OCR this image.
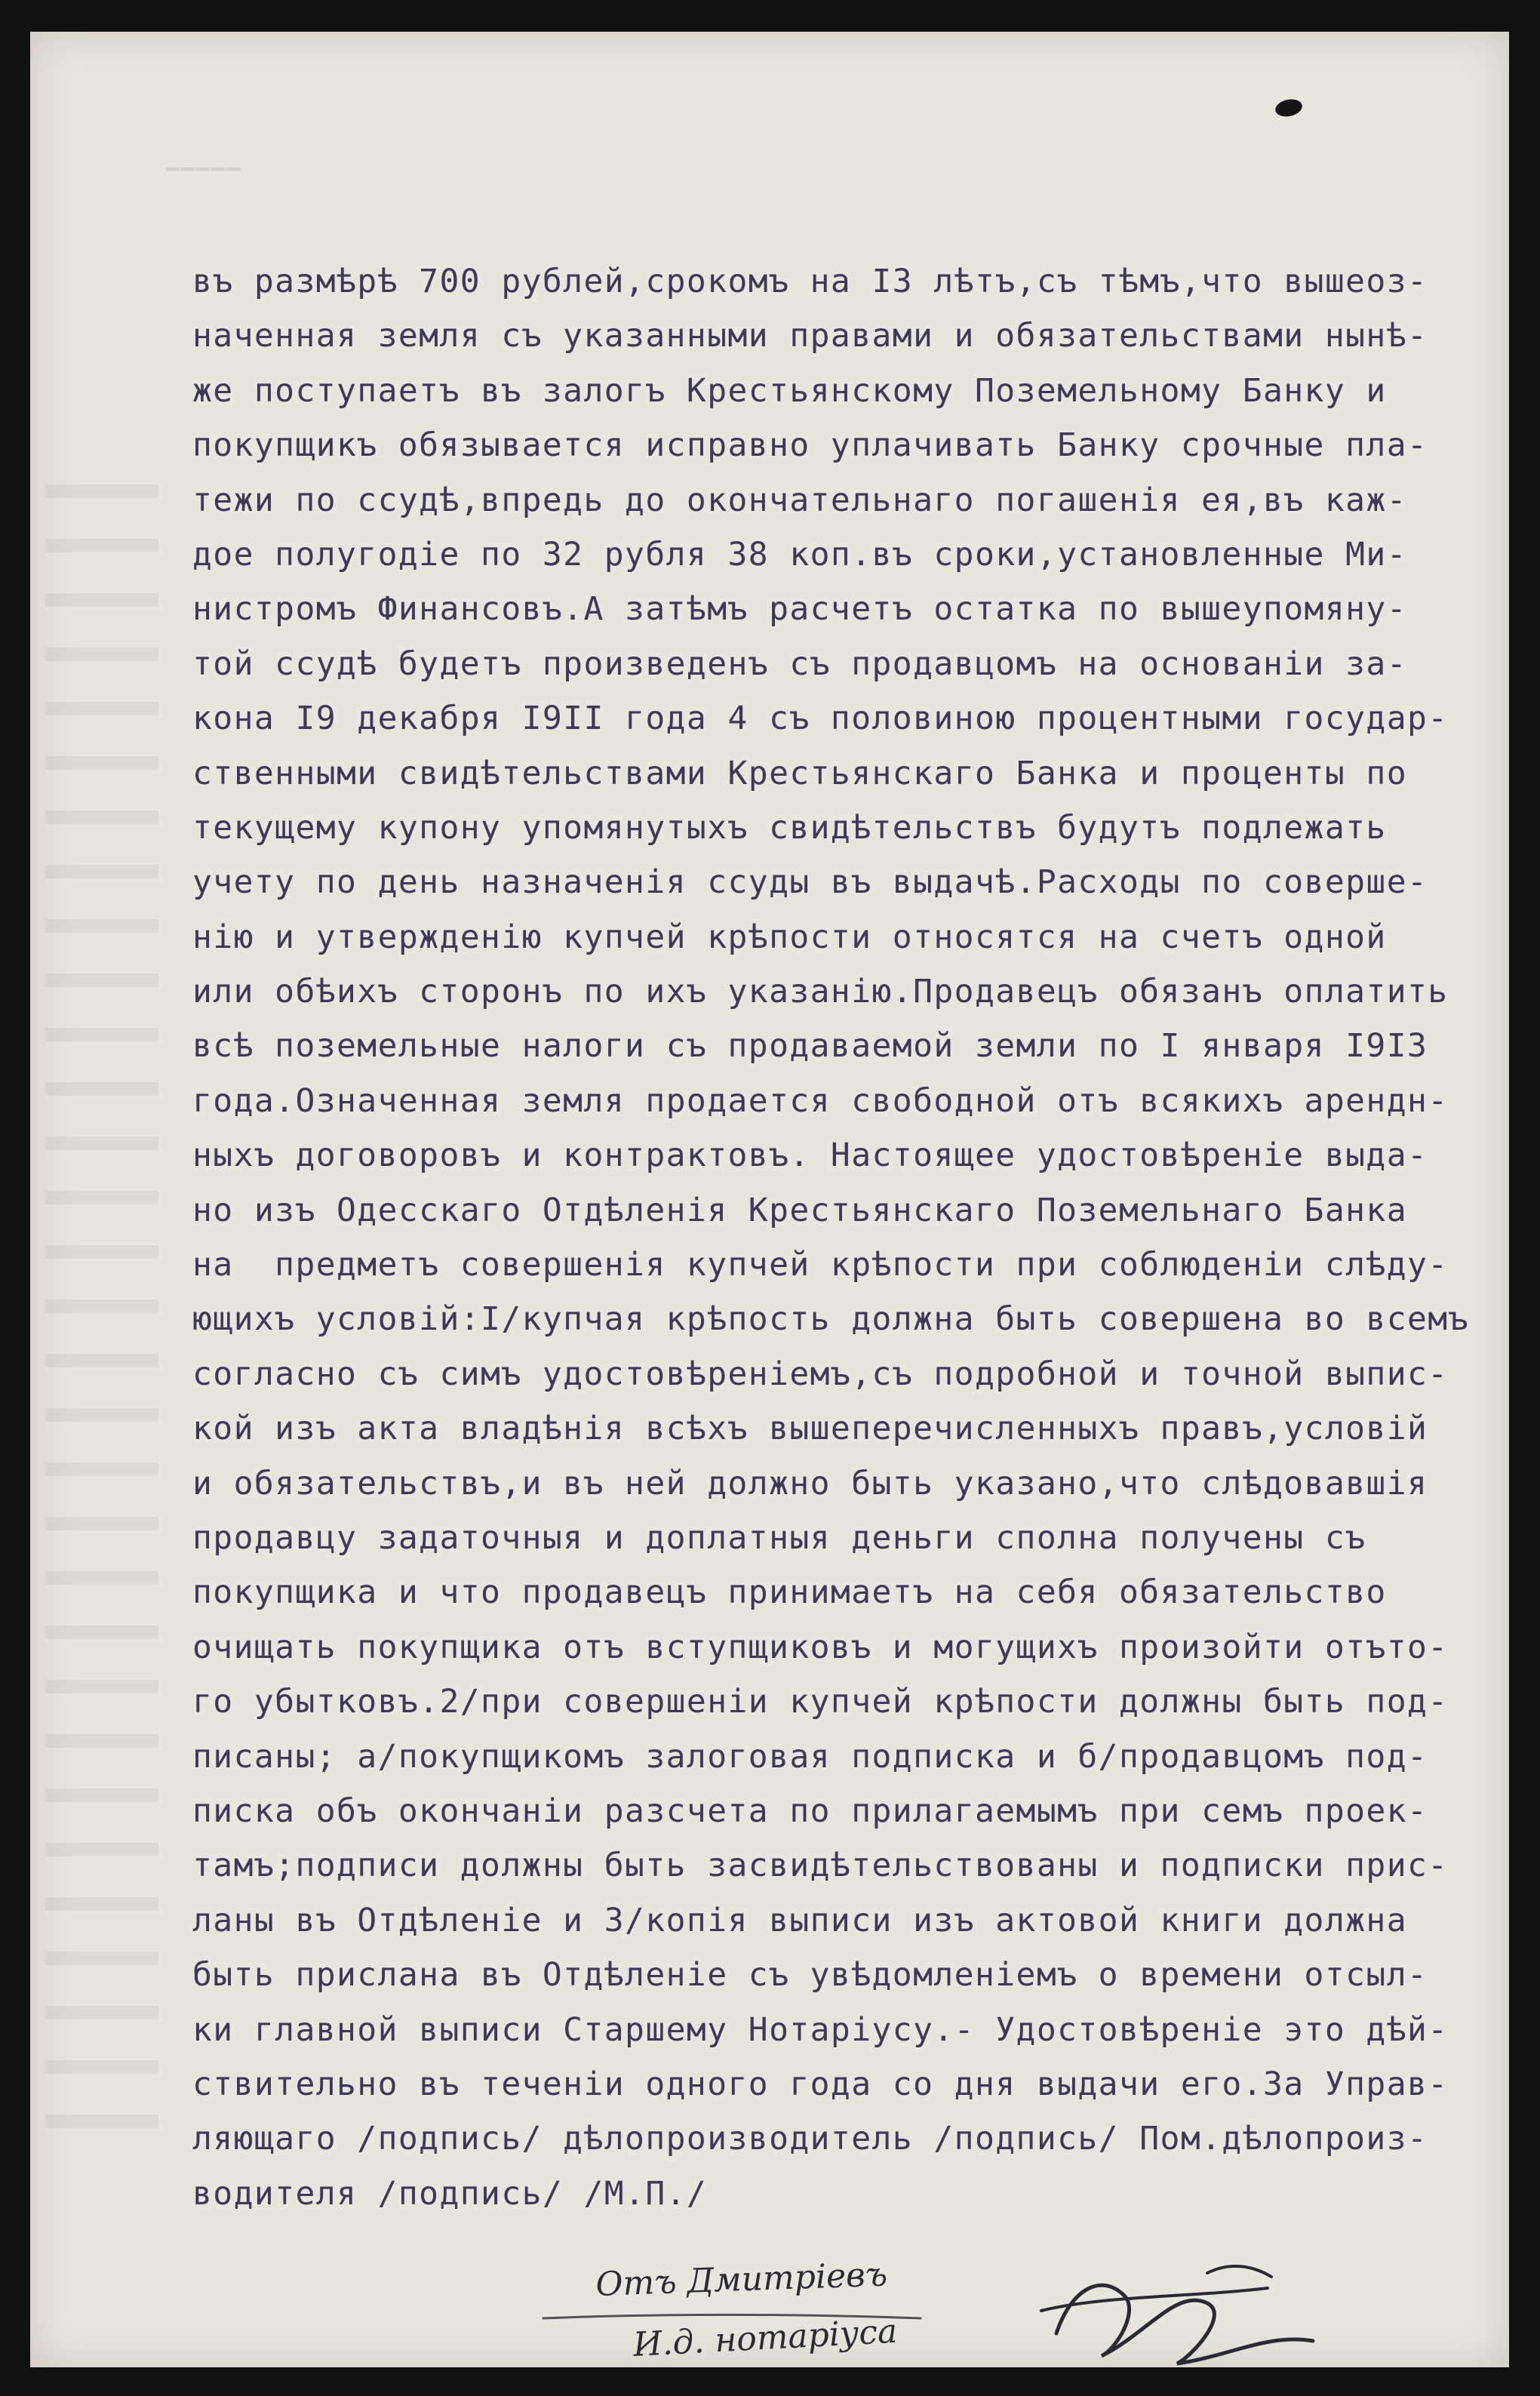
▁▁▁▁▁
въ размѣрѣ 700 рублей,срокомъ на I3 лѣтъ,съ тѣмъ,что вышеоз-
наченная земля съ указанными правами и обязательствами нынѣ-
же поступаетъ въ залогъ Крестьянскому Поземельному Банку и
покупщикъ обязывается исправно уплачивать Банку срочные пла-
тежи по ссудѣ,впредь до окончательнаго погашенія ея,въ каж-
дое полугодіе по 32 рубля 38 коп.въ сроки,установленные Ми-
нистромъ Финансовъ.А затѣмъ расчетъ остатка по вышеупомяну-
той ссудѣ будетъ произведенъ съ продавцомъ на основаніи за-
кона I9 декабря I9II года 4 съ половиною процентными государ-
ственными свидѣтельствами Крестьянскаго Банка и проценты по
текущему купону упомянутыхъ свидѣтельствъ будутъ подлежать
учету по день назначенія ссуды въ выдачѣ.Расходы по соверше-
нію и утвержденію купчей крѣпости относятся на счетъ одной
или обѣихъ сторонъ по ихъ указанію.Продавецъ обязанъ оплатить
всѣ поземельные налоги съ продаваемой земли по I января I9I3
года.Означенная земля продается свободной отъ всякихъ арендн-
ныхъ договоровъ и контрактовъ. Настоящее удостовѣреніе выда-
но изъ Одесскаго Отдѣленія Крестьянскаго Поземельнаго Банка
на  предметъ совершенія купчей крѣпости при соблюденіи слѣду-
ющихъ условій:I/купчая крѣпость должна быть совершена во всемъ
согласно съ симъ удостовѣреніемъ,съ подробной и точной выпис-
кой изъ акта владѣнія всѣхъ вышеперечисленныхъ правъ,условій
и обязательствъ,и въ ней должно быть указано,что слѣдовавшія
продавцу задаточныя и доплатныя деньги сполна получены съ
покупщика и что продавецъ принимаетъ на себя обязательство
очищать покупщика отъ вступщиковъ и могущихъ произойти отъто-
го убытковъ.2/при совершеніи купчей крѣпости должны быть под-
писаны; а/покупщикомъ залоговая подписка и б/продавцомъ под-
писка объ окончаніи разсчета по прилагаемымъ при семъ проек-
тамъ;подписи должны быть засвидѣтельствованы и подписки прис-
ланы въ Отдѣленіе и 3/копія выписи изъ актовой книги должна
быть прислана въ Отдѣленіе съ увѣдомленіемъ о времени отсыл-
ки главной выписи Старшему Нотаріусу.- Удостовѣреніе это дѣй-
ствительно въ теченіи одного года со дня выдачи его.За Управ-
ляющаго /подпись/ дѣлопроизводитель /подпись/ Пом.дѣлопроиз-
водителя /подпись/ /М.П./
Отъ Дмитріевъ
И.д. нотаріуса
